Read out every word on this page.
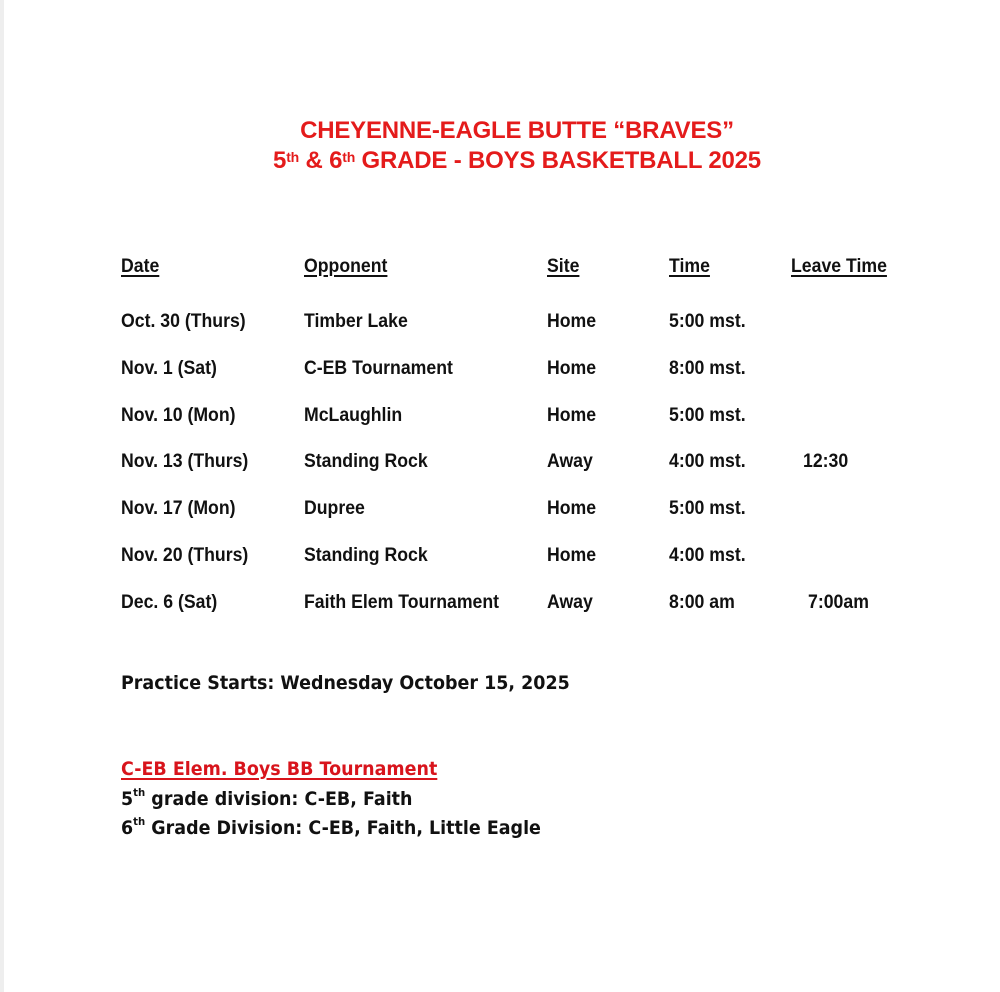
CHEYENNE-EAGLE BUTTE “BRAVES”
5th & 6th GRADE - BOYS BASKETBALL 2025
Date	Opponent	Site	Time	Leave Time
Oct. 30 (Thurs)	Timber Lake	Home	5:00 mst.
Nov. 1 (Sat)	C-EB Tournament	Home	8:00 mst.
Nov. 10 (Mon)	McLaughlin	Home	5:00 mst.
Nov. 13 (Thurs)	Standing Rock	Away	4:00 mst.	12:30
Nov. 17 (Mon)	Dupree	Home	5:00 mst.
Nov. 20 (Thurs)	Standing Rock	Home	4:00 mst.
Dec. 6 (Sat)	Faith Elem Tournament	Away	8:00 am	7:00am
Practice Starts: Wednesday October 15, 2025
C-EB Elem. Boys BB Tournament
5th grade division: C-EB, Faith
6th Grade Division: C-EB, Faith, Little Eagle
